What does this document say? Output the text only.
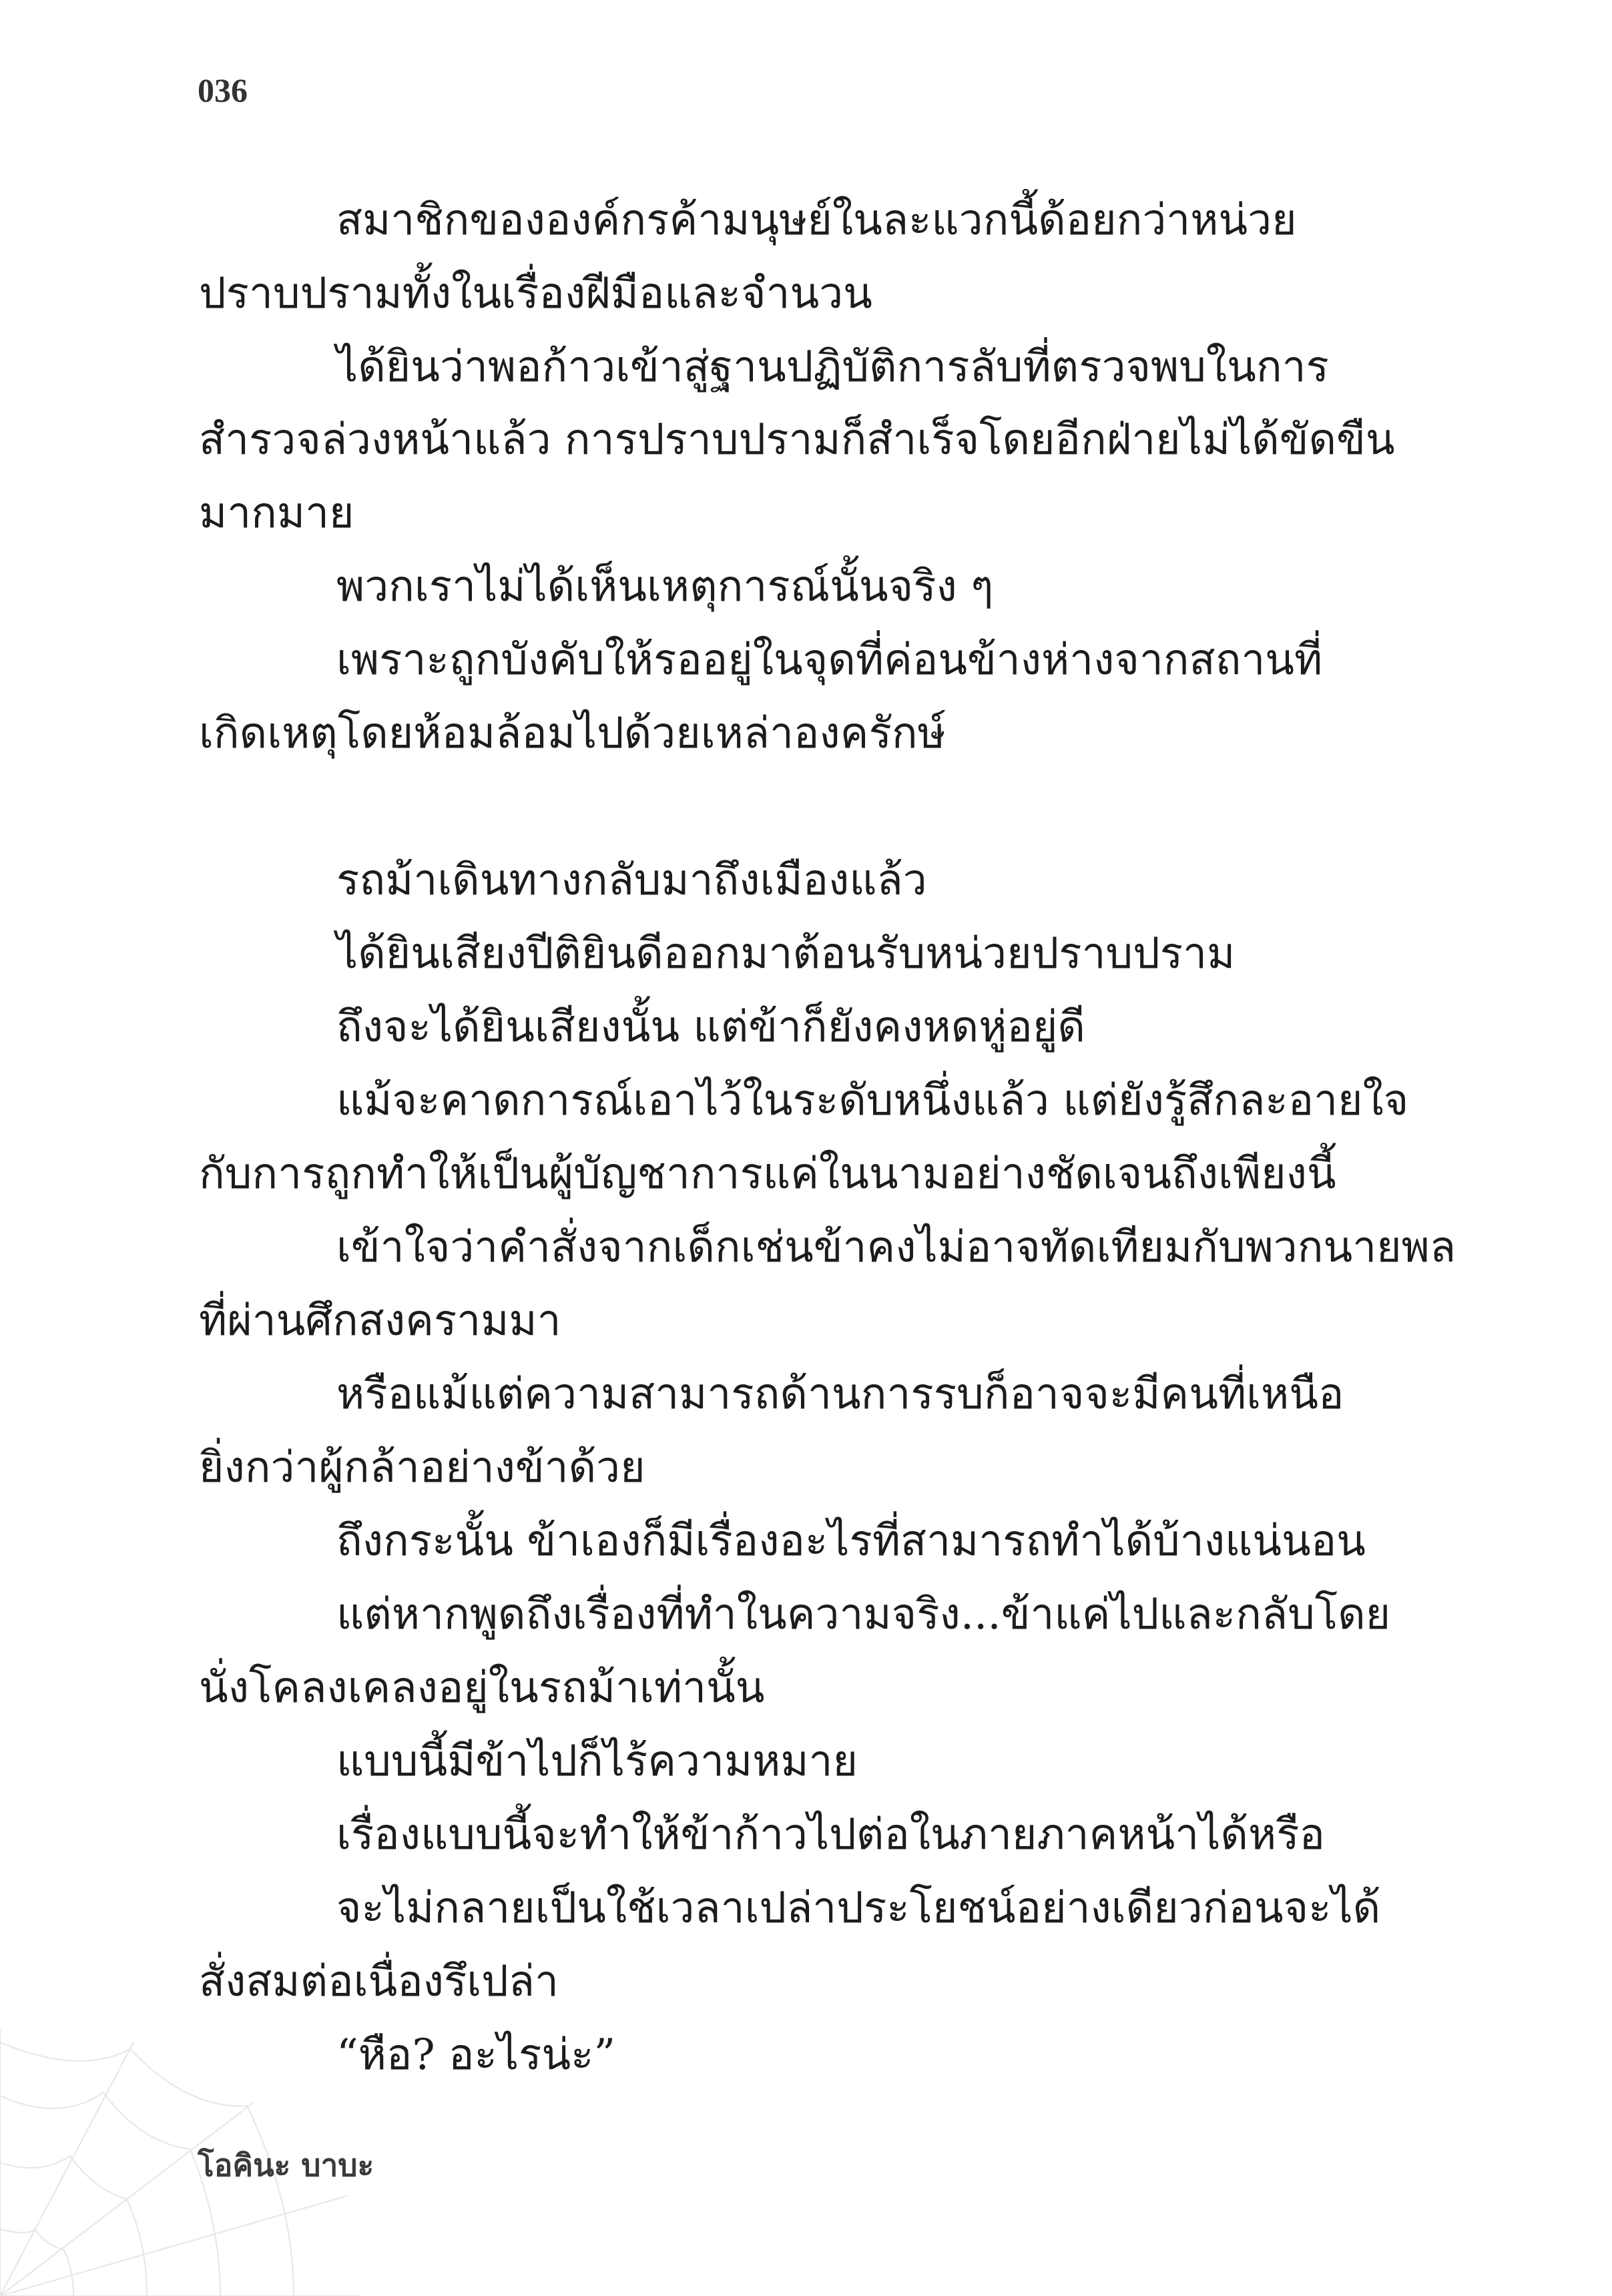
036
สมาชิกขององค์กรค้ามนุษย์ในละแวกนี้ด้อยกว่าหน่วย
ปราบปรามทั้งในเรื่องฝีมือและจำนวน
ได้ยินว่าพอก้าวเข้าสู่ฐานปฏิบัติการลับที่ตรวจพบในการ
สำรวจล่วงหน้าแล้ว การปราบปรามก็สำเร็จโดยอีกฝ่ายไม่ได้ขัดขืน
มากมาย
พวกเราไม่ได้เห็นเหตุการณ์นั้นจริง ๆ
เพราะถูกบังคับให้รออยู่ในจุดที่ค่อนข้างห่างจากสถานที่
เกิดเหตุโดยห้อมล้อมไปด้วยเหล่าองครักษ์
รถม้าเดินทางกลับมาถึงเมืองแล้ว
ได้ยินเสียงปีติยินดีออกมาต้อนรับหน่วยปราบปราม
ถึงจะได้ยินเสียงนั้น แต่ข้าก็ยังคงหดหู่อยู่ดี
แม้จะคาดการณ์เอาไว้ในระดับหนึ่งแล้ว แต่ยังรู้สึกละอายใจ
กับการถูกทำให้เป็นผู้บัญชาการแค่ในนามอย่างชัดเจนถึงเพียงนี้
เข้าใจว่าคำสั่งจากเด็กเช่นข้าคงไม่อาจทัดเทียมกับพวกนายพล
ที่ผ่านศึกสงครามมา
หรือแม้แต่ความสามารถด้านการรบก็อาจจะมีคนที่เหนือ
ยิ่งกว่าผู้กล้าอย่างข้าด้วย
ถึงกระนั้น ข้าเองก็มีเรื่องอะไรที่สามารถทำได้บ้างแน่นอน
แต่หากพูดถึงเรื่องที่ทำในความจริง...ข้าแค่ไปและกลับโดย
นั่งโคลงเคลงอยู่ในรถม้าเท่านั้น
แบบนี้มีข้าไปก็ไร้ความหมาย
เรื่องแบบนี้จะทำให้ข้าก้าวไปต่อในภายภาคหน้าได้หรือ
จะไม่กลายเป็นใช้เวลาเปล่าประโยชน์อย่างเดียวก่อนจะได้
สั่งสมต่อเนื่องรึเปล่า
“หือ? อะไรน่ะ”
โอคินะ บาบะ
